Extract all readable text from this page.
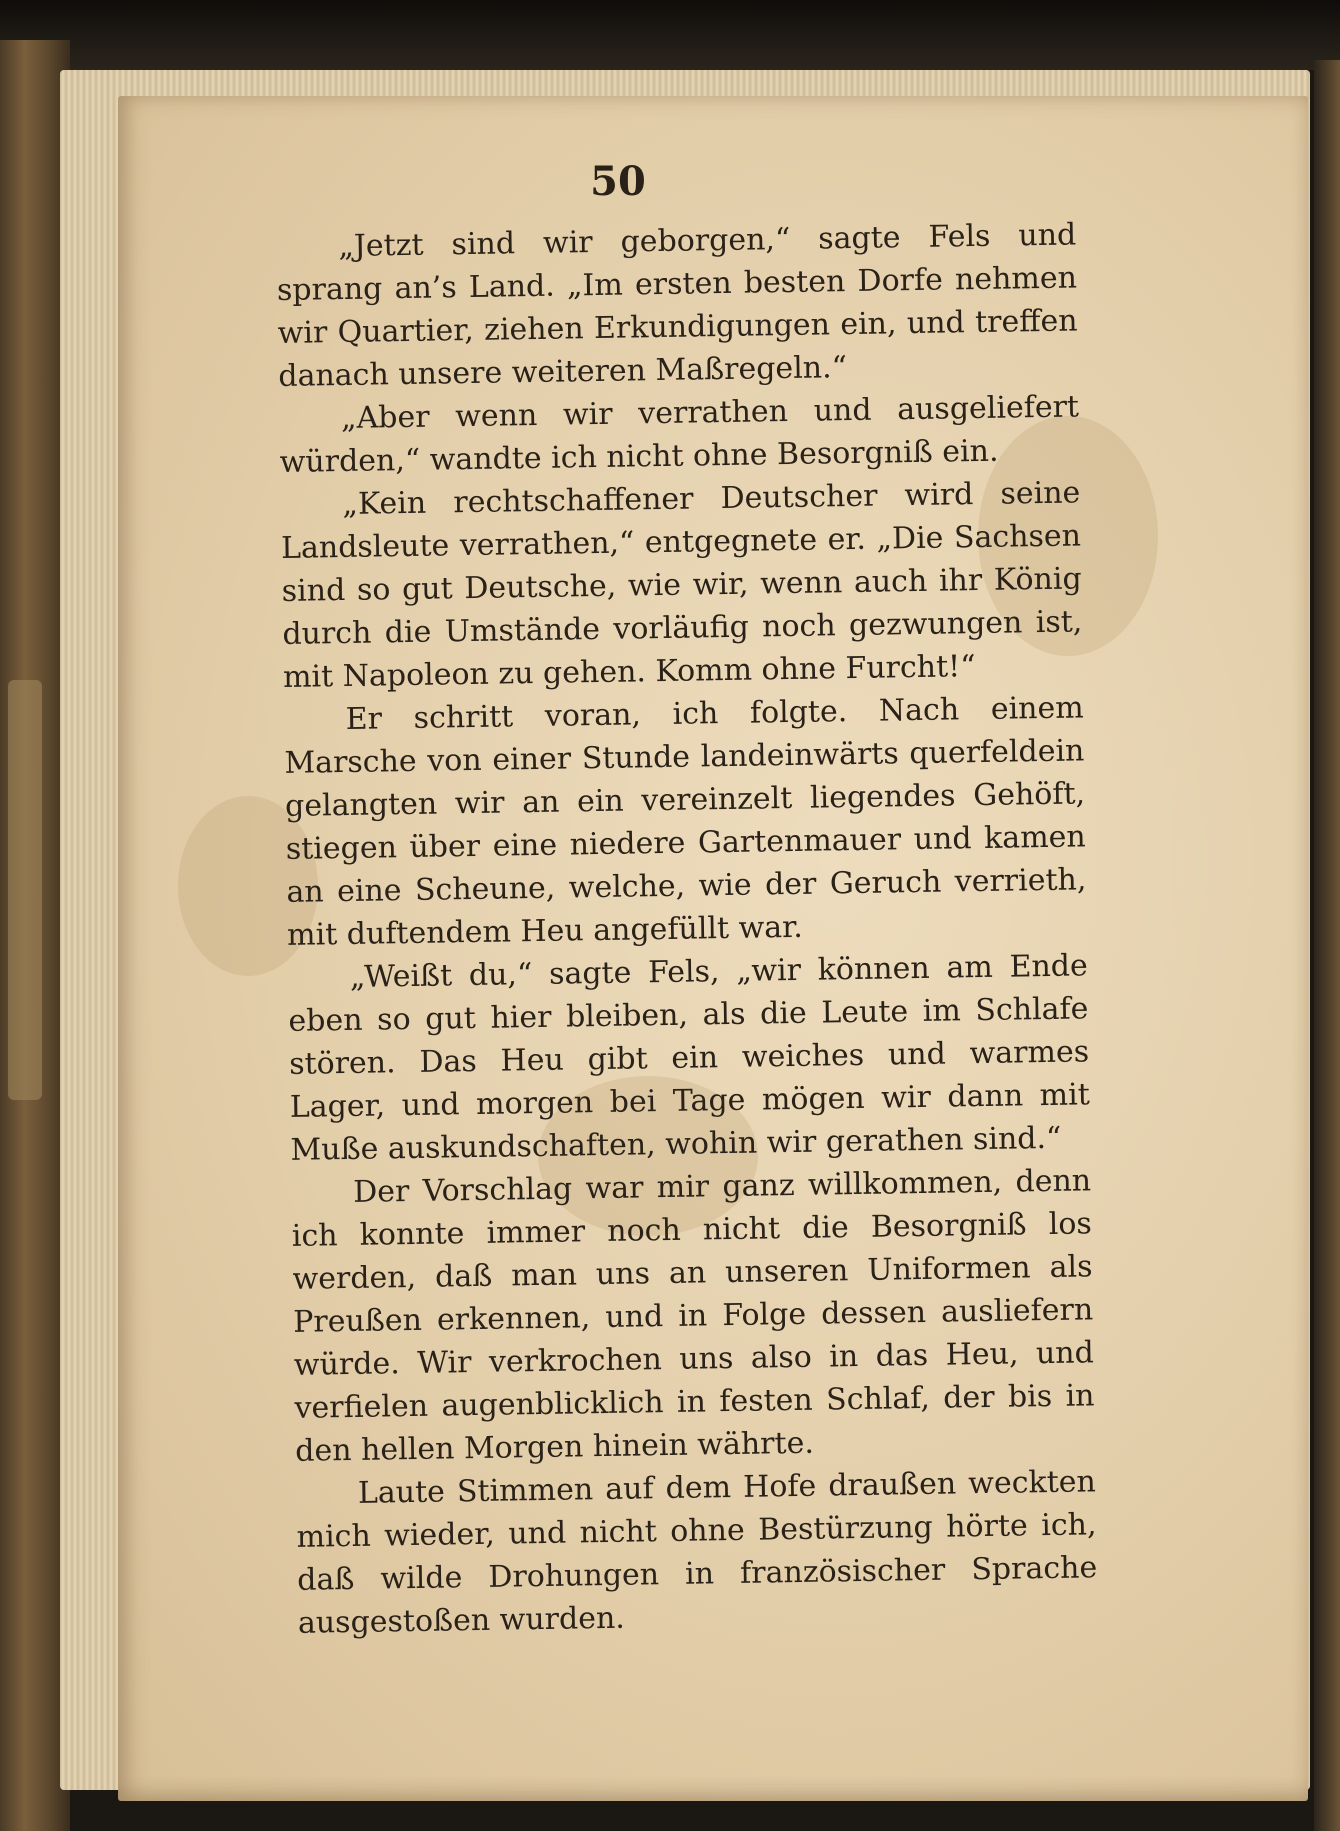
50

„Jetzt sind wir geborgen,“ sagte Fels und sprang an’s Land. „Im ersten besten Dorfe nehmen wir Quartier, ziehen Erkundigungen ein, und treffen danach unsere weiteren Maßregeln.“

„Aber wenn wir verrathen und ausgeliefert würden,“ wandte ich nicht ohne Besorgniß ein.

„Kein rechtschaffener Deutscher wird seine Landsleute verrathen,“ entgegnete er. „Die Sachsen sind so gut Deutsche, wie wir, wenn auch ihr König durch die Umstände vorläufig noch gezwungen ist, mit Napoleon zu gehen. Komm ohne Furcht!“

Er schritt voran, ich folgte. Nach einem Marsche von einer Stunde landeinwärts querfeldein gelangten wir an ein vereinzelt liegendes Gehöft, stiegen über eine niedere Gartenmauer und kamen an eine Scheune, welche, wie der Geruch verrieth, mit duftendem Heu angefüllt war.

„Weißt du,“ sagte Fels, „wir können am Ende eben so gut hier bleiben, als die Leute im Schlafe stören. Das Heu gibt ein weiches und warmes Lager, und morgen bei Tage mögen wir dann mit Muße auskundschaften, wohin wir gerathen sind.“

Der Vorschlag war mir ganz willkommen, denn ich konnte immer noch nicht die Besorgniß los werden, daß man uns an unseren Uniformen als Preußen erkennen, und in Folge dessen ausliefern würde. Wir verkrochen uns also in das Heu, und verfielen augenblicklich in festen Schlaf, der bis in den hellen Morgen hinein währte.

Laute Stimmen auf dem Hofe draußen weckten mich wieder, und nicht ohne Bestürzung hörte ich, daß wilde Drohungen in französischer Sprache ausgestoßen wurden.
